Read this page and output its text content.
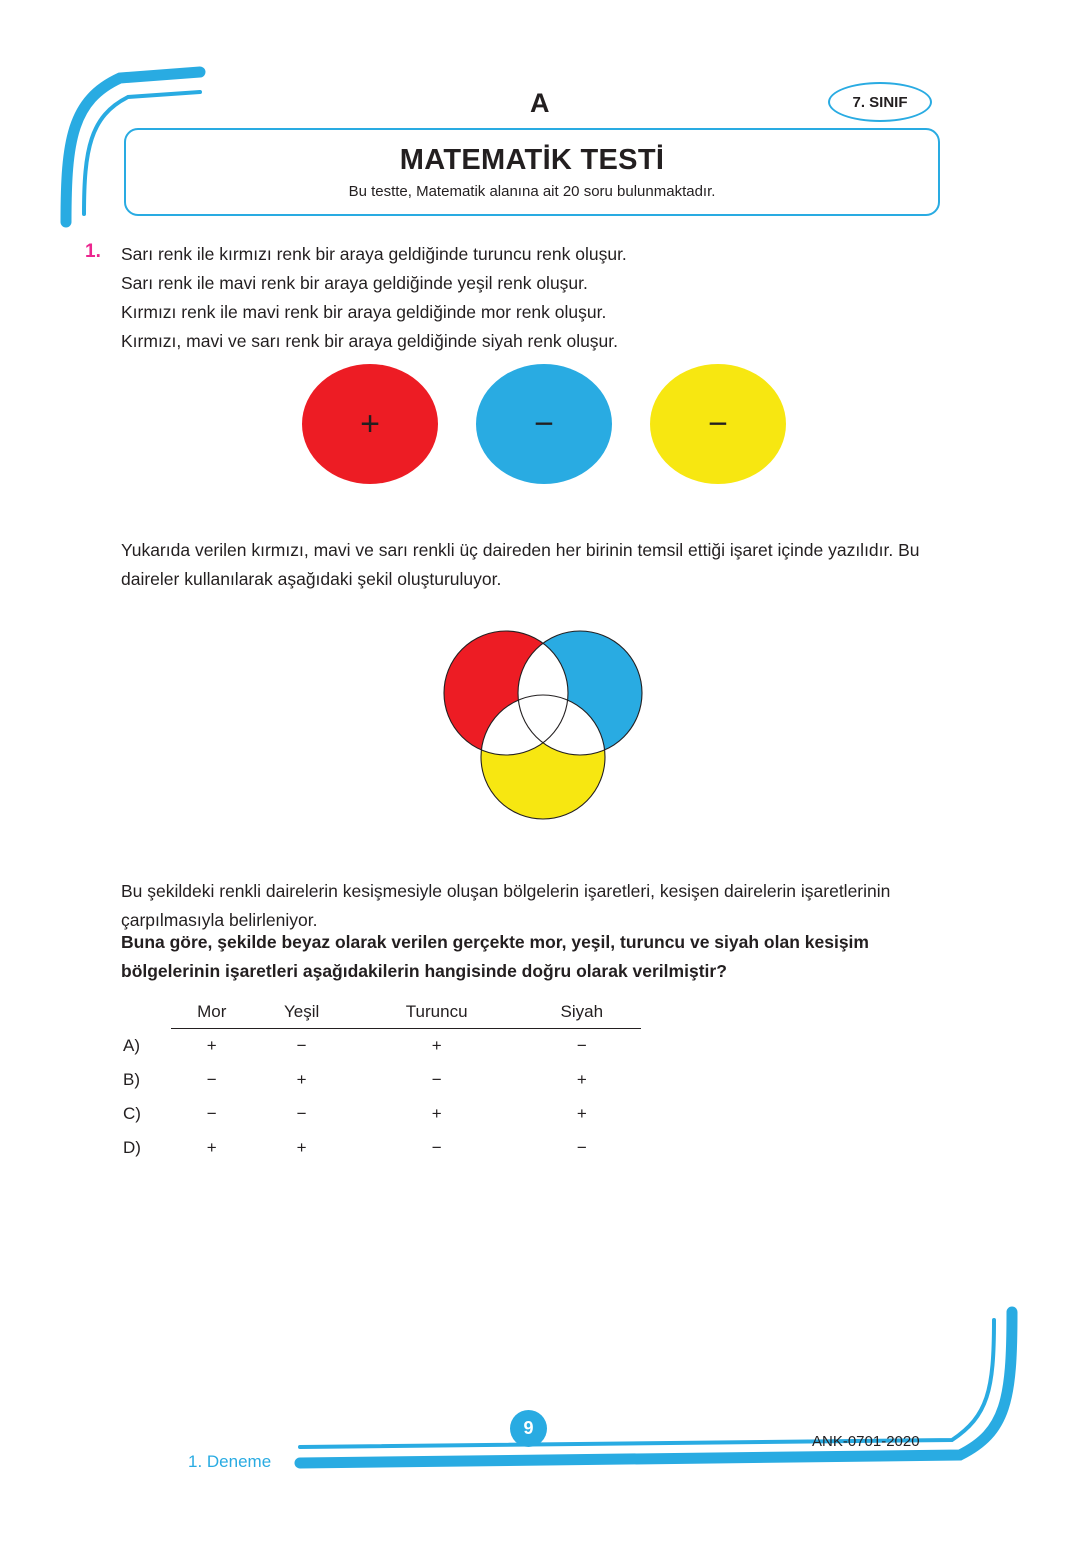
A	7. SINIF
MATEMATİK TESTİ
Bu testte, Matematik alanına ait 20 soru bulunmaktadır.
1. Sarı renk ile kırmızı renk bir araya geldiğinde turuncu renk oluşur.
Sarı renk ile mavi renk bir araya geldiğinde yeşil renk oluşur.
Kırmızı renk ile mavi renk bir araya geldiğinde mor renk oluşur.
Kırmızı, mavi ve sarı renk bir araya geldiğinde siyah renk oluşur.
+	−	−
Yukarıda verilen kırmızı, mavi ve sarı renkli üç daireden her birinin temsil ettiği işaret içinde yazılıdır. Bu daireler kullanılarak aşağıdaki şekil oluşturuluyor.
Bu şekildeki renkli dairelerin kesişmesiyle oluşan bölgelerin işaretleri, kesişen dairelerin işaretlerinin çarpılmasıyla belirleniyor.
Buna göre, şekilde beyaz olarak verilen gerçekte mor, yeşil, turuncu ve siyah olan kesişim bölgelerinin işaretleri aşağıdakilerin hangisinde doğru olarak verilmiştir?
	Mor	Yeşil	Turuncu	Siyah
A)	+	−	+	−
B)	−	+	−	+
C)	−	−	+	+
D)	+	+	−	−
9
1. Deneme
ANK-0701-2020
